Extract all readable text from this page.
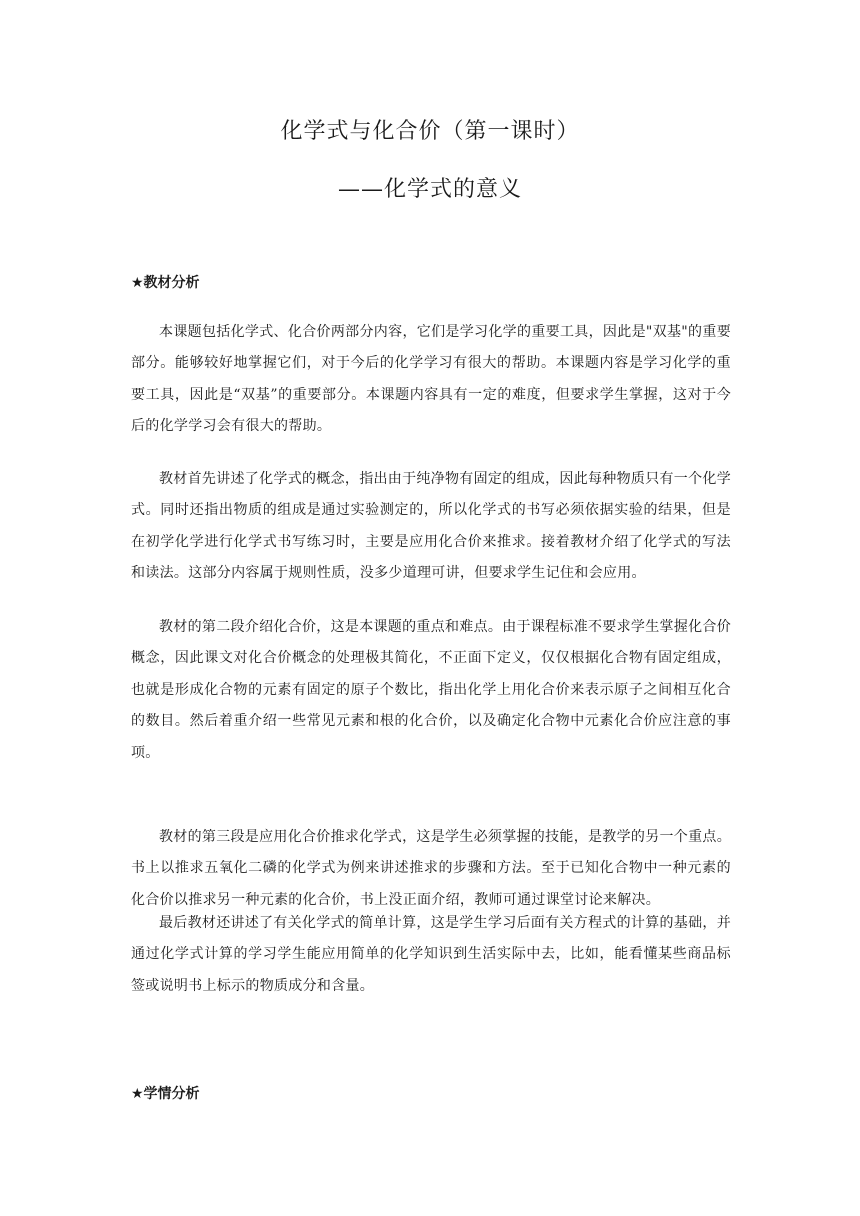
化学式与化合价（第一课时）
——化学式的意义
★教材分析

本课题包括化学式、化合价两部分内容，它们是学习化学的重要工具，因此是"双基"的重要部分。能够较好地掌握它们，对于今后的化学学习有很大的帮助。本课题内容是学习化学的重要工具，因此是“双基”的重要部分。本课题内容具有一定的难度，但要求学生掌握，这对于今后的化学学习会有很大的帮助。

教材首先讲述了化学式的概念，指出由于纯净物有固定的组成，因此每种物质只有一个化学式。同时还指出物质的组成是通过实验测定的，所以化学式的书写必须依据实验的结果，但是在初学化学进行化学式书写练习时，主要是应用化合价来推求。接着教材介绍了化学式的写法和读法。这部分内容属于规则性质，没多少道理可讲，但要求学生记住和会应用。

教材的第二段介绍化合价，这是本课题的重点和难点。由于课程标准不要求学生掌握化合价概念，因此课文对化合价概念的处理极其简化，不正面下定义，仅仅根据化合物有固定组成，也就是形成化合物的元素有固定的原子个数比，指出化学上用化合价来表示原子之间相互化合的数目。然后着重介绍一些常见元素和根的化合价，以及确定化合物中元素化合价应注意的事项。

教材的第三段是应用化合价推求化学式，这是学生必须掌握的技能，是教学的另一个重点。书上以推求五氧化二磷的化学式为例来讲述推求的步骤和方法。至于已知化合物中一种元素的化合价以推求另一种元素的化合价，书上没正面介绍，教师可通过课堂讨论来解决。

最后教材还讲述了有关化学式的简单计算，这是学生学习后面有关方程式的计算的基础，并通过化学式计算的学习学生能应用简单的化学知识到生活实际中去，比如，能看懂某些商品标签或说明书上标示的物质成分和含量。

★学情分析
